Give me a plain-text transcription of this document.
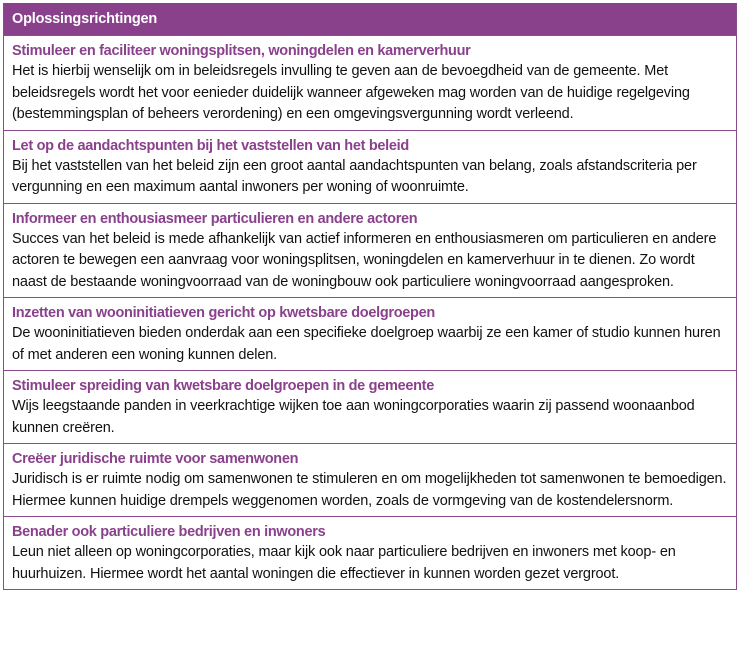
Oplossingsrichtingen
Stimuleer en faciliteer woningsplitsen, woningdelen en kamerverhuur
Het is hierbij wenselijk om in beleidsregels invulling te geven aan de bevoegdheid van de gemeente. Met beleidsregels wordt het voor eenieder duidelijk wanneer afgeweken mag worden van de huidige regelgeving (bestemmingsplan of beheers verordening) en een omgevingsvergunning wordt verleend.
Let op de aandachtspunten bij het vaststellen van het beleid
Bij het vaststellen van het beleid zijn een groot aantal aandachtspunten van belang, zoals afstandscriteria per vergunning en een maximum aantal inwoners per woning of woonruimte.
Informeer en enthousiasmeer particulieren en andere actoren
Succes van het beleid is mede afhankelijk van actief informeren en enthousiasmeren om particulieren en andere actoren te bewegen een aanvraag voor woningsplitsen, woningdelen en kamerverhuur in te dienen. Zo wordt naast de bestaande woningvoorraad van de woningbouw ook particuliere woningvoorraad aangesproken.
Inzetten van wooninitiatieven gericht op kwetsbare doelgroepen
De wooninitiatieven bieden onderdak aan een specifieke doelgroep waarbij ze een kamer of studio kunnen huren of met anderen een woning kunnen delen.
Stimuleer spreiding van kwetsbare doelgroepen in de gemeente
Wijs leegstaande panden in veerkrachtige wijken toe aan woningcorporaties waarin zij passend woonaanbod kunnen creëren.
Creëer juridische ruimte voor samenwonen
Juridisch is er ruimte nodig om samenwonen te stimuleren en om mogelijkheden tot samenwonen te bemoedigen. Hiermee kunnen huidige drempels weggenomen worden, zoals de vormgeving van de kostendelersnorm.
Benader ook particuliere bedrijven en inwoners
Leun niet alleen op woningcorporaties, maar kijk ook naar particuliere bedrijven en inwoners met koop- en huurhuizen. Hiermee wordt het aantal woningen die effectiever in kunnen worden gezet vergroot.
